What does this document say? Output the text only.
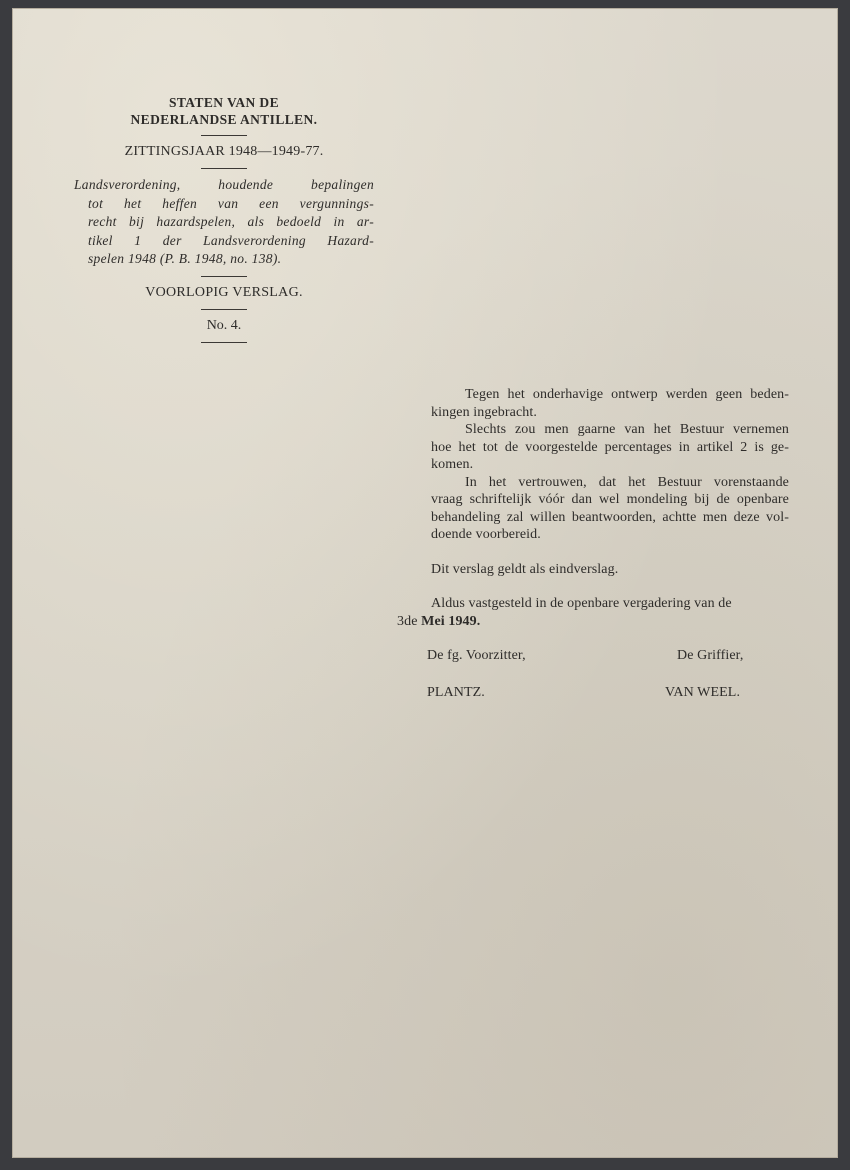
STATEN VAN DE

NEDERLANDSE ANTILLEN.

ZITTINGSJAAR 1948—1949-77.

Landsverordening, houdende bepalingen
tot het heffen van een vergunnings-
recht bij hazardspelen, als bedoeld in ar-
tikel 1 der Landsverordening Hazard-
spelen 1948 (P. B. 1948, no. 138).

VOORLOPIG VERSLAG.

No. 4.

Tegen het onderhavige ontwerp werden geen beden-
kingen ingebracht.
Slechts zou men gaarne van het Bestuur vernemen
hoe het tot de voorgestelde percentages in artikel 2 is ge-
komen.
In het vertrouwen, dat het Bestuur vorenstaande
vraag schriftelijk vóór dan wel mondeling bij de openbare
behandeling zal willen beantwoorden, achtte men deze vol-
doende voorbereid.

Dit verslag geldt als eindverslag.

Aldus vastgesteld in de openbare vergadering van de

3de Mei 1949.

De fg. Voorzitter,	De Griffier,
PLANTZ.	VAN WEEL.
